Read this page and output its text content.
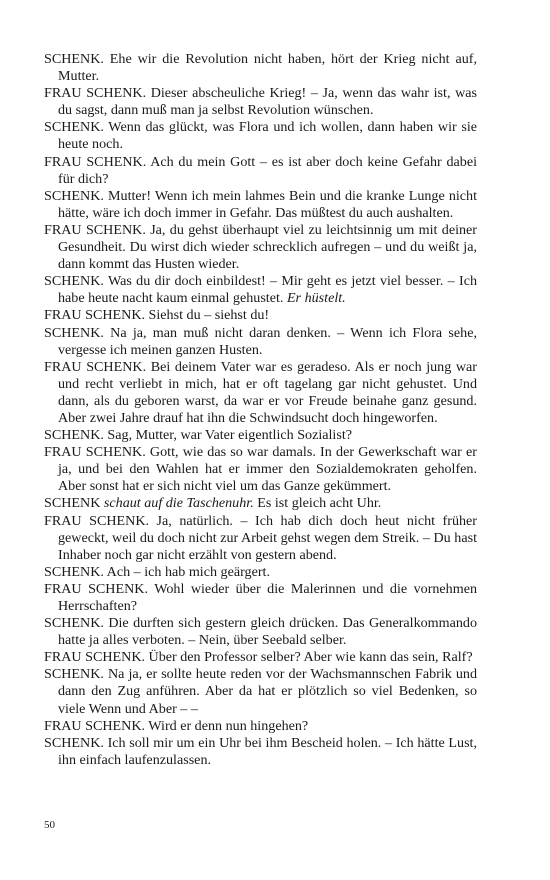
SCHENK. Ehe wir die Revolution nicht haben, hört der Krieg nicht auf, Mutter.

FRAU SCHENK. Dieser abscheuliche Krieg! – Ja, wenn das wahr ist, was du sagst, dann muß man ja selbst Revolution wünschen.

SCHENK. Wenn das glückt, was Flora und ich wollen, dann haben wir sie heute noch.

FRAU SCHENK. Ach du mein Gott – es ist aber doch keine Gefahr dabei für dich?

SCHENK. Mutter! Wenn ich mein lahmes Bein und die kranke Lunge nicht hätte, wäre ich doch immer in Gefahr. Das müßtest du auch aushalten.

FRAU SCHENK. Ja, du gehst überhaupt viel zu leichtsinnig um mit deiner Gesundheit. Du wirst dich wieder schrecklich aufregen – und du weißt ja, dann kommt das Husten wieder.

SCHENK. Was du dir doch einbildest! – Mir geht es jetzt viel besser. – Ich habe heute nacht kaum einmal gehustet. Er hüstelt.

FRAU SCHENK. Siehst du – siehst du!

SCHENK. Na ja, man muß nicht daran denken. – Wenn ich Flora sehe, vergesse ich meinen ganzen Husten.

FRAU SCHENK. Bei deinem Vater war es geradeso. Als er noch jung war und recht verliebt in mich, hat er oft tagelang gar nicht gehustet. Und dann, als du geboren warst, da war er vor Freude beinahe ganz gesund. Aber zwei Jahre drauf hat ihn die Schwindsucht doch hingeworfen.

SCHENK. Sag, Mutter, war Vater eigentlich Sozialist?

FRAU SCHENK. Gott, wie das so war damals. In der Gewerkschaft war er ja, und bei den Wahlen hat er immer den Sozialdemokraten geholfen. Aber sonst hat er sich nicht viel um das Ganze gekümmert.

SCHENK schaut auf die Taschenuhr. Es ist gleich acht Uhr.

FRAU SCHENK. Ja, natürlich. – Ich hab dich doch heut nicht früher geweckt, weil du doch nicht zur Arbeit gehst wegen dem Streik. – Du hast Inhaber noch gar nicht erzählt von gestern abend.

SCHENK. Ach – ich hab mich geärgert.

FRAU SCHENK. Wohl wieder über die Malerinnen und die vornehmen Herrschaften?

SCHENK. Die durften sich gestern gleich drücken. Das Generalkommando hatte ja alles verboten. – Nein, über Seebald selber.

FRAU SCHENK. Über den Professor selber? Aber wie kann das sein, Ralf?

SCHENK. Na ja, er sollte heute reden vor der Wachsmannschen Fabrik und dann den Zug anführen. Aber da hat er plötzlich so viel Bedenken, so viele Wenn und Aber – –

FRAU SCHENK. Wird er denn nun hingehen?

SCHENK. Ich soll mir um ein Uhr bei ihm Bescheid holen. – Ich hätte Lust, ihn einfach laufenzulassen.

50
